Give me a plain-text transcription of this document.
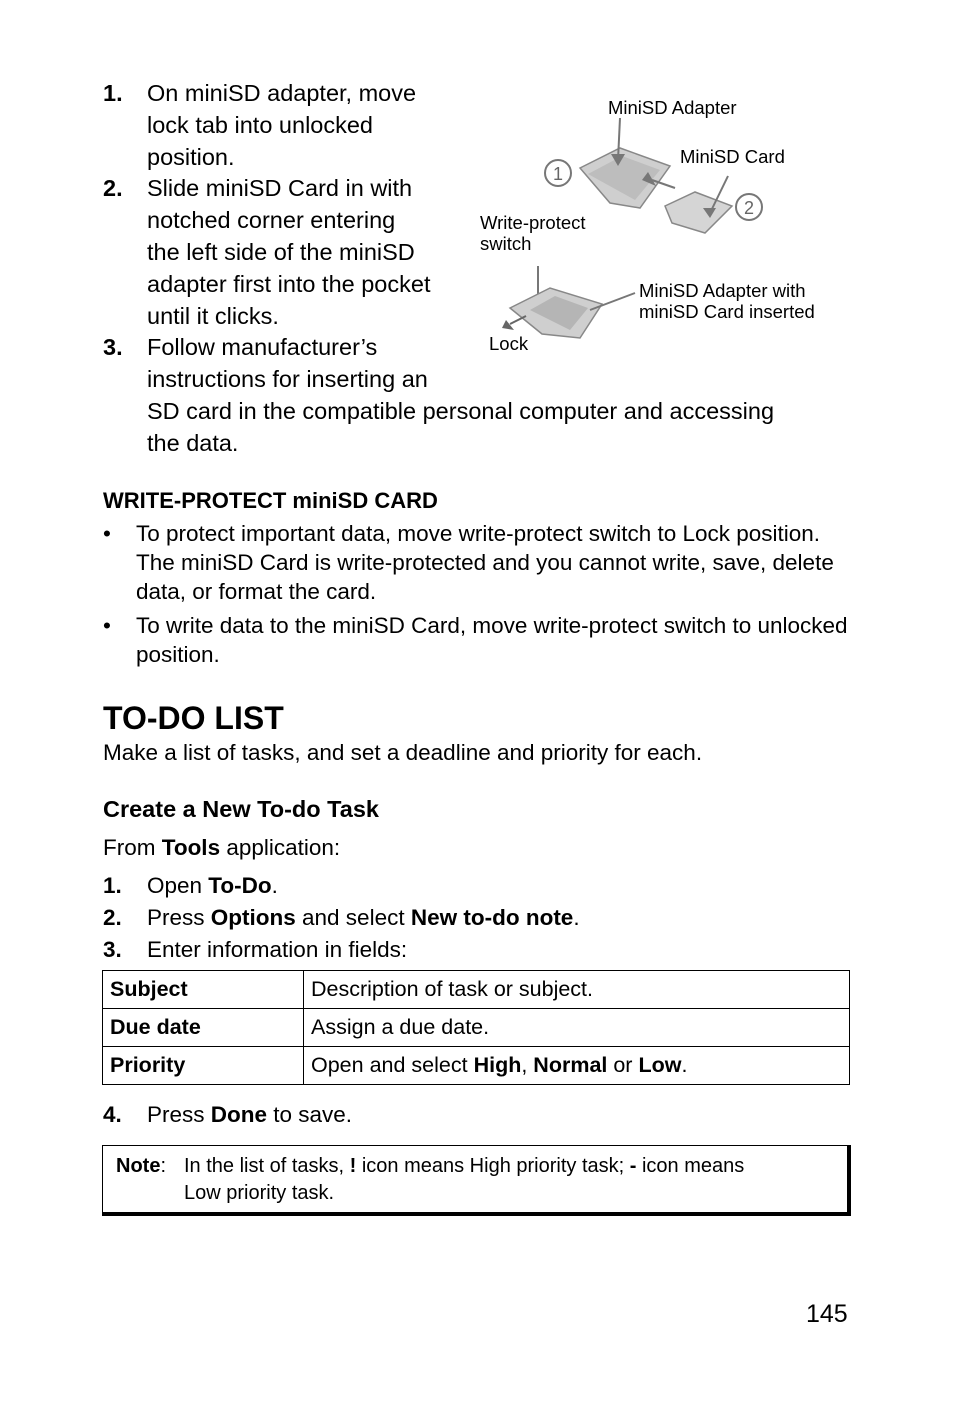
1. On miniSD adapter, move
lock tab into unlocked
position.
2. Slide miniSD Card in with
notched corner entering
the left side of the miniSD
adapter first into the pocket
until it clicks.
3. Follow manufacturer’s
instructions for inserting an
SD card in the compatible personal computer and accessing
the data.
1
2
MiniSD Adapter
MiniSD Card
Write-protect
switch
MiniSD Adapter with
miniSD Card inserted
Lock
WRITE-PROTECT miniSD CARD
• To protect important data, move write-protect switch to Lock position. The miniSD Card is write-protected and you cannot write, save, delete data, or format the card.
• To write data to the miniSD Card, move write-protect switch to unlocked position.
TO-DO LIST
Make a list of tasks, and set a deadline and priority for each.
Create a New To-do Task
From Tools application:
1. Open To-Do.
2. Press Options and select New to-do note.
3. Enter information in fields:
Subject	Description of task or subject.
Due date	Assign a due date.
Priority	Open and select High, Normal or Low.
4. Press Done to save.
Note: In the list of tasks, ! icon means High priority task; - icon means
Low priority task.
145
